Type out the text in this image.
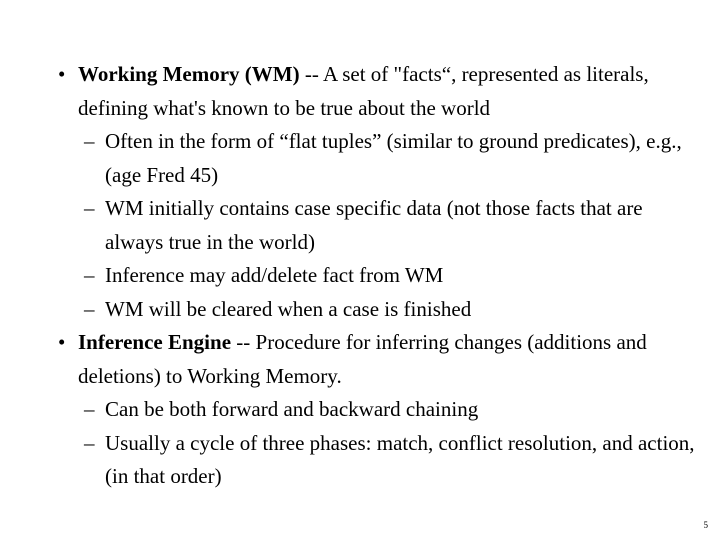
• Working Memory (WM) -- A set of "facts“, represented as literals, defining what's known to be true about the world
– Often in the form of “flat tuples” (similar to ground predicates), e.g., (age Fred 45)
– WM initially contains case specific data (not those facts that are always true in the world)
– Inference may add/delete fact from WM
– WM will be cleared when a case is finished
• Inference Engine -- Procedure for inferring changes (additions and deletions) to Working Memory.
– Can be both forward and backward chaining
– Usually a cycle of three phases: match, conflict resolution, and action, (in that order)
5
